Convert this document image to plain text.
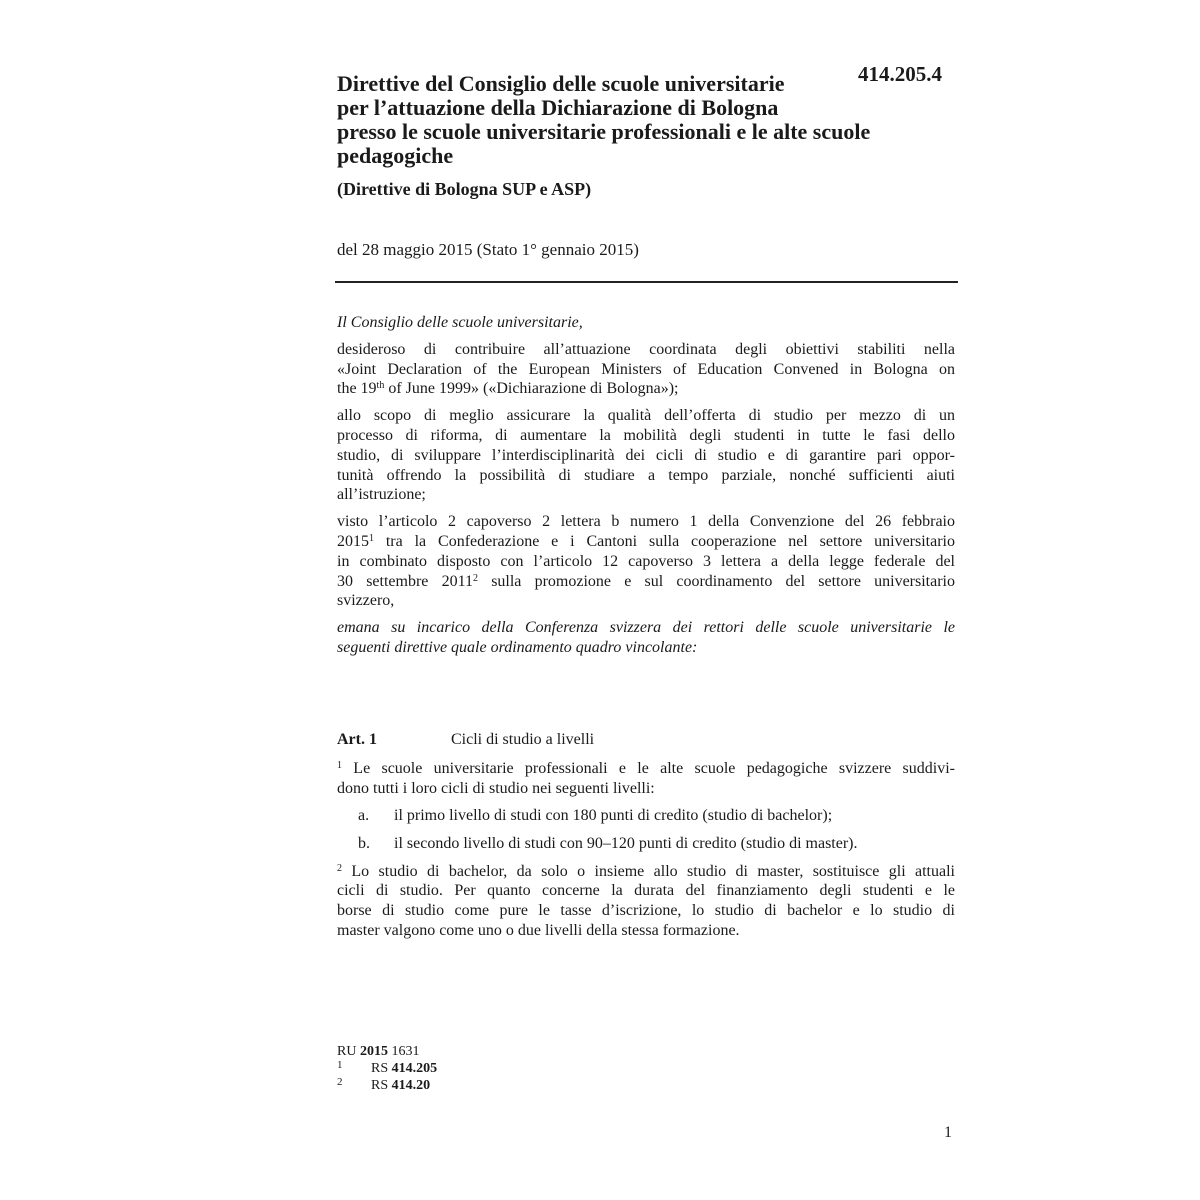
414.205.4
Direttive del Consiglio delle scuole universitarie
per l’attuazione della Dichiarazione di Bologna
presso le scuole universitarie professionali e le alte scuole
pedagogiche
(Direttive di Bologna SUP e ASP)
del 28 maggio 2015 (Stato 1° gennaio 2015)

Il Consiglio delle scuole universitarie,

desideroso di contribuire all’attuazione coordinata degli obiettivi stabiliti nella
«Joint Declaration of the European Ministers of Education Convened in Bologna on
the 19th of June 1999» («Dichiarazione di Bologna»);

allo scopo di meglio assicurare la qualità dell’offerta di studio per mezzo di un
processo di riforma, di aumentare la mobilità degli studenti in tutte le fasi dello
studio, di sviluppare l’interdisciplinarità dei cicli di studio e di garantire pari oppor-
tunità offrendo la possibilità di studiare a tempo parziale, nonché sufficienti aiuti
all’istruzione;

visto l’articolo 2 capoverso 2 lettera b numero 1 della Convenzione del 26 febbraio
2015$^1$ tra la Confederazione e i Cantoni sulla cooperazione nel settore universitario
in combinato disposto con l’articolo 12 capoverso 3 lettera a della legge federale del
30 settembre 2011$^2$ sulla promozione e sul coordinamento del settore universitario
svizzero,

emana su incarico della Conferenza svizzera dei rettori delle scuole universitarie le
seguenti direttive quale ordinamento quadro vincolante:

Art. 1	Cicli di studio a livelli

$^1$ Le scuole universitarie professionali e le alte scuole pedagogiche svizzere suddivi-
dono tutti i loro cicli di studio nei seguenti livelli:

a. il primo livello di studi con 180 punti di credito (studio di bachelor);
b. il secondo livello di studi con 90–120 punti di credito (studio di master).

$^2$ Lo studio di bachelor, da solo o insieme allo studio di master, sostituisce gli attuali
cicli di studio. Per quanto concerne la durata del finanziamento degli studenti e le
borse di studio come pure le tasse d’iscrizione, lo studio di bachelor e lo studio di
master valgono come uno o due livelli della stessa formazione.

RU 2015 1631
1 RS 414.205
2 RS 414.20
1
